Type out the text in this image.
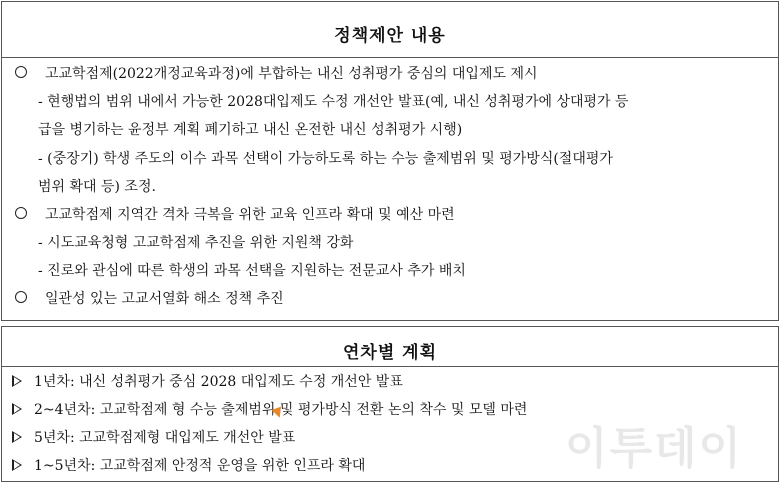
정책제안 내용
고교학점제(2022개정교육과정)에 부합하는 내신 성취평가 중심의 대입제도 제시
- 현행법의 범위 내에서 가능한 2028대입제도 수정 개선안 발표(예, 내신 성취평가에 상대평가 등
급을 병기하는 윤정부 계획 폐기하고 내신 온전한 내신 성취평가 시행)
- (중장기) 학생 주도의 이수 과목 선택이 가능하도록 하는 수능 출제범위 및 평가방식(절대평가
범위 확대 등) 조정.
고교학점제 지역간 격차 극복을 위한 교육 인프라 확대 및 예산 마련
- 시도교육청형 고교학점제 추진을 위한 지원책 강화
- 진로와 관심에 따른 학생의 과목 선택을 지원하는 전문교사 추가 배치
일관성 있는 고교서열화 해소 정책 추진
연차별 계획
1년차: 내신 성취평가 중심 2028 대입제도 수정 개선안 발표
2~4년차: 고교학점제 형 수능 출제범위 및 평가방식 전환 논의 착수 및 모델 마련
5년차: 고교학점제형 대입제도 개선안 발표
1~5년차: 고교학점제 안정적 운영을 위한 인프라 확대	이투데이
